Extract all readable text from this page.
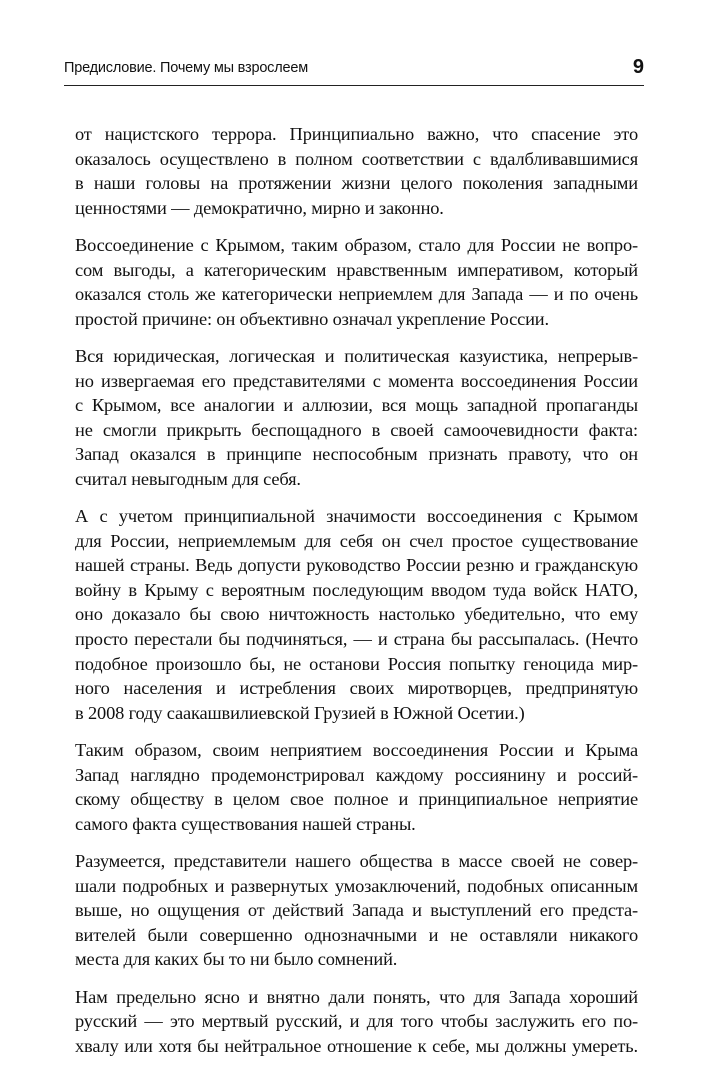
Предисловие. Почему мы взрослеем	9

от нацистского террора. Принципиально важно, что спасение это
оказалось осуществлено в полном соответствии с вдалбливавшимися
в наши головы на протяжении жизни целого поколения западными
ценностями — демократично, мирно и законно.

Воссоединение с Крымом, таким образом, стало для России не вопро-
сом выгоды, а категорическим нравственным императивом, который
оказался столь же категорически неприемлем для Запада — и по очень
простой причине: он объективно означал укрепление России.

Вся юридическая, логическая и политическая казуистика, непрерыв-
но извергаемая его представителями с момента воссоединения России
с Крымом, все аналогии и аллюзии, вся мощь западной пропаганды
не смогли прикрыть беспощадного в своей самоочевидности факта:
Запад оказался в принципе неспособным признать правоту, что он
считал невыгодным для себя.

А с учетом принципиальной значимости воссоединения с Крымом
для России, неприемлемым для себя он счел простое существование
нашей страны. Ведь допусти руководство России резню и гражданскую
войну в Крыму с вероятным последующим вводом туда войск НАТО,
оно доказало бы свою ничтожность настолько убедительно, что ему
просто перестали бы подчиняться, — и страна бы рассыпалась. (Нечто
подобное произошло бы, не останови Россия попытку геноцида мир-
ного населения и истребления своих миротворцев, предпринятую
в 2008 году саакашвилиевской Грузией в Южной Осетии.)

Таким образом, своим неприятием воссоединения России и Крыма
Запад наглядно продемонстрировал каждому россиянину и россий-
скому обществу в целом свое полное и принципиальное неприятие
самого факта существования нашей страны.

Разумеется, представители нашего общества в массе своей не совер-
шали подробных и развернутых умозаключений, подобных описанным
выше, но ощущения от действий Запада и выступлений его предста-
вителей были совершенно однозначными и не оставляли никакого
места для каких бы то ни было сомнений.

Нам предельно ясно и внятно дали понять, что для Запада хороший
русский — это мертвый русский, и для того чтобы заслужить его по-
хвалу или хотя бы нейтральное отношение к себе, мы должны умереть.
